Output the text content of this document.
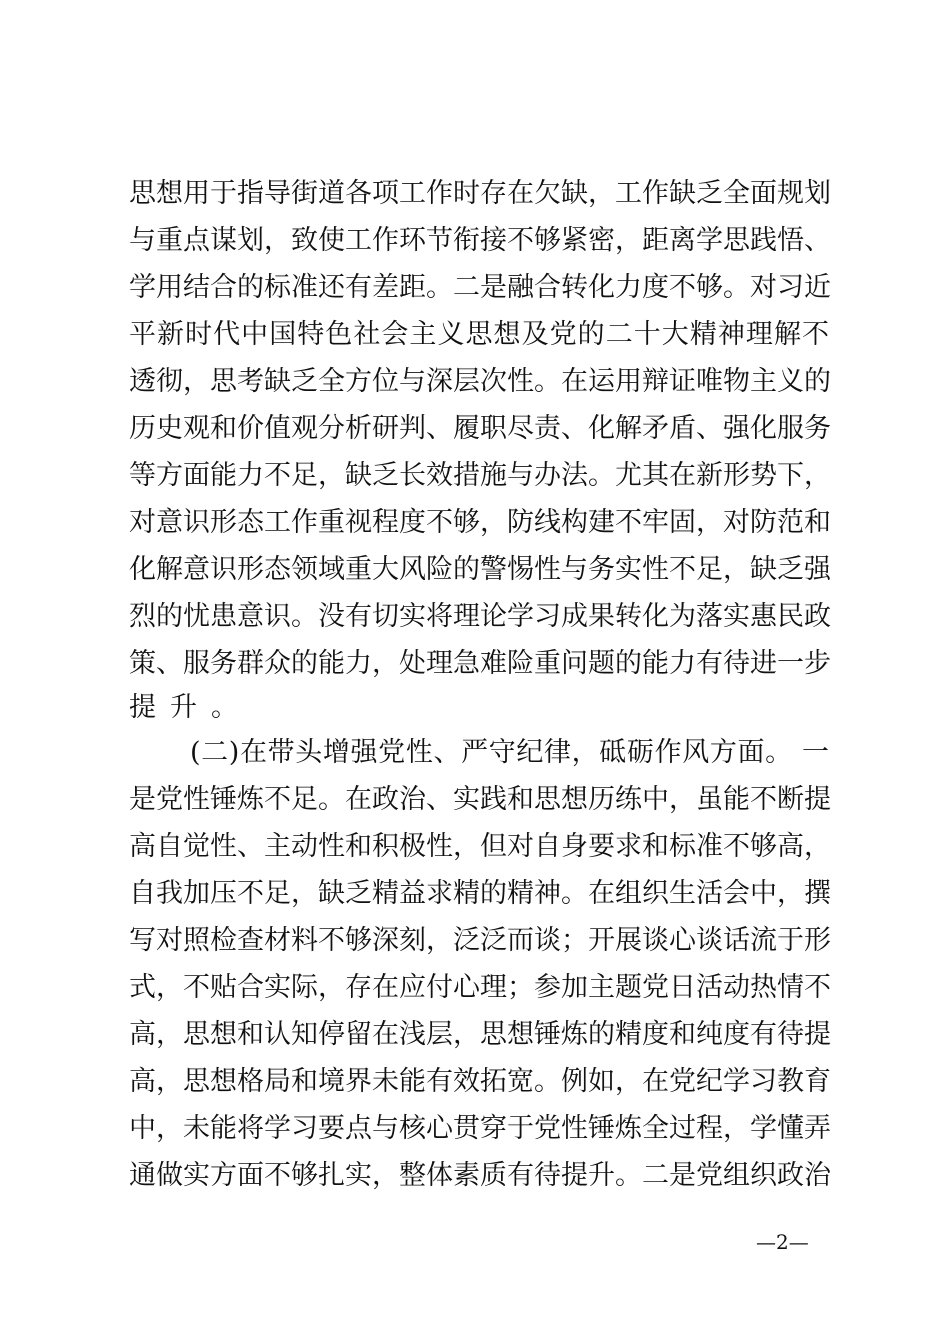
思想用于指导街道各项工作时存在欠缺，工作缺乏全面规划
与重点谋划，致使工作环节衔接不够紧密，距离学思践悟、
学用结合的标准还有差距。二是融合转化力度不够。对习近
平新时代中国特色社会主义思想及党的二十大精神理解不
透彻，思考缺乏全方位与深层次性。在运用辩证唯物主义的
历史观和价值观分析研判、履职尽责、化解矛盾、强化服务
等方面能力不足，缺乏长效措施与办法。尤其在新形势下，
对意识形态工作重视程度不够，防线构建不牢固，对防范和
化解意识形态领域重大风险的警惕性与务实性不足，缺乏强
烈的忧患意识。没有切实将理论学习成果转化为落实惠民政
策、服务群众的能力，处理急难险重问题的能力有待进一步
提升。
(二)在带头增强党性、严守纪律，砥砺作风方面。 一
是党性锤炼不足。在政治、实践和思想历练中，虽能不断提
高自觉性、主动性和积极性，但对自身要求和标准不够高，
自我加压不足，缺乏精益求精的精神。在组织生活会中，撰
写对照检查材料不够深刻，泛泛而谈；开展谈心谈话流于形
式，不贴合实际，存在应付心理；参加主题党日活动热情不
高，思想和认知停留在浅层，思想锤炼的精度和纯度有待提
高，思想格局和境界未能有效拓宽。例如，在党纪学习教育
中，未能将学习要点与核心贯穿于党性锤炼全过程，学懂弄
通做实方面不够扎实，整体素质有待提升。二是党组织政治
—2—
